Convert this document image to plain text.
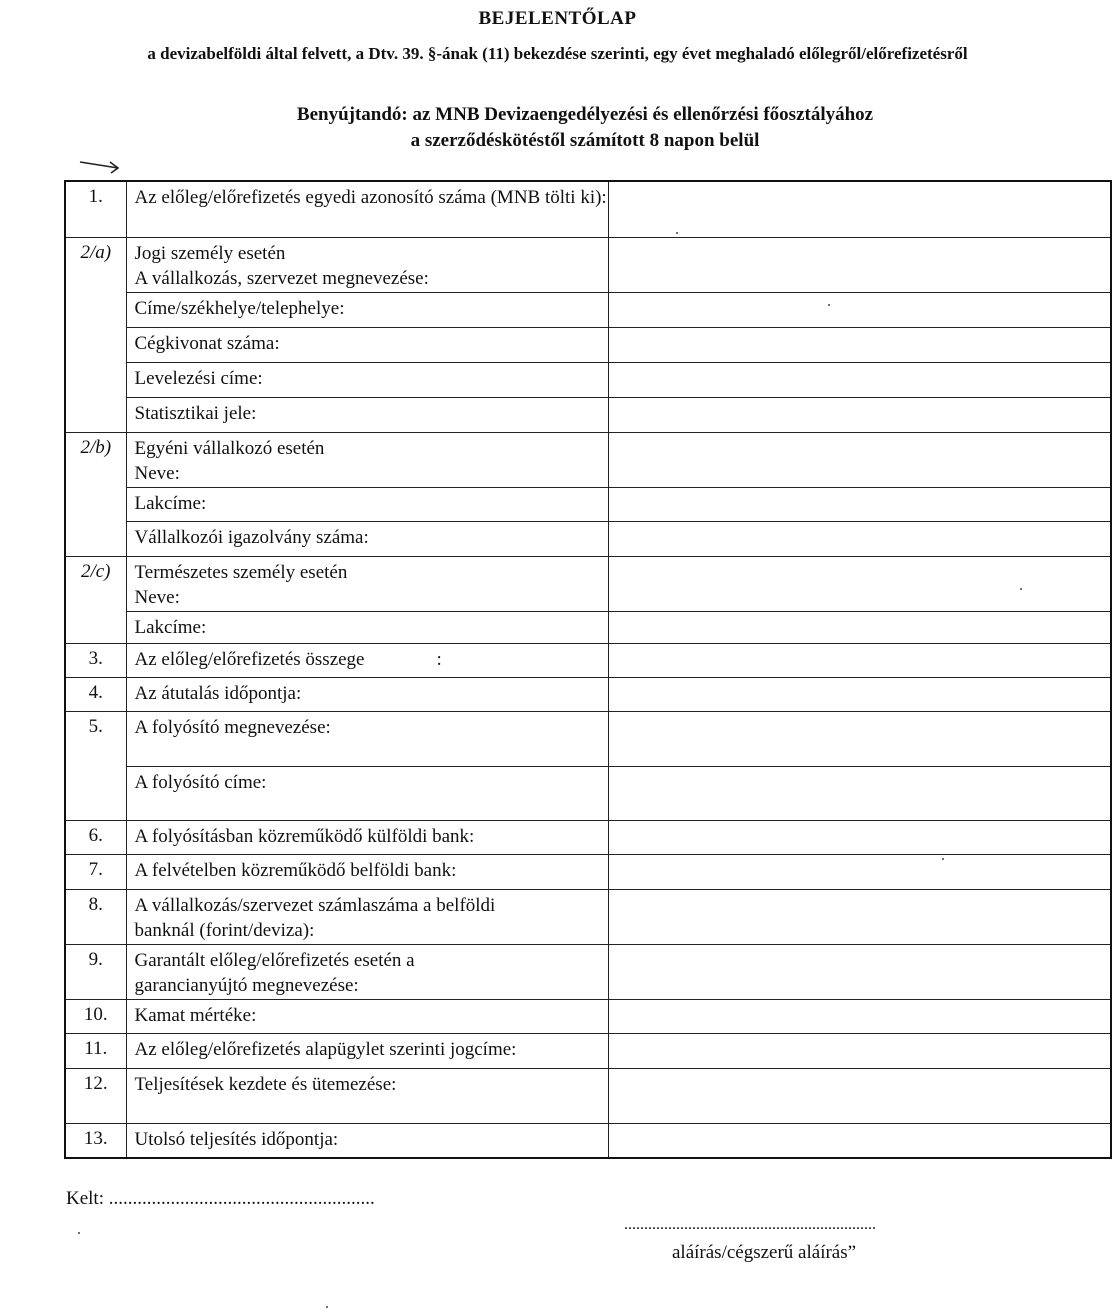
BEJELENTŐLAP
a devizabelföldi által felvett, a Dtv. 39. §-ának (11) bekezdése szerinti, egy évet meghaladó előlegről/előrefizetésről
Benyújtandó: az MNB Devizaengedélyezési és ellenőrzési főosztályához
a szerződéskötéstől számított 8 napon belül
1.	Az előleg/előrefizetés egyedi azonosító száma (MNB tölti ki):	
2/a)	Jogi személy esetén
A vállalkozás, szervezet megnevezése:	

	Címe/székhelye/telephelye:	
	Cégkivonat száma:	
	Levelezési címe:	
	Statisztikai jele:	
2/b)	Egyéni vállalkozó esetén
Neve:	

	Lakcíme:	
	Vállalkozói igazolvány száma:	
2/c)	Természetes személy esetén
Neve:	

	Lakcíme:	
3.	Az előleg/előrefizetés összege :	
4.	Az átutalás időpontja:	
5.	A folyósító megnevezése:	
	A folyósító címe:	
6.	A folyósításban közreműködő külföldi bank:	
7.	A felvételben közreműködő belföldi bank:	
8.	A vállalkozás/szervezet számlaszáma a belföldi
banknál (forint/deviza):	

9.	Garantált előleg/előrefizetés esetén a
garancianyújtó megnevezése:	

10.	Kamat mértéke:	
11.	Az előleg/előrefizetés alapügylet szerinti jogcíme:	
12.	Teljesítések kezdete és ütemezése:	
13.	Utolsó teljesítés időpontja:	
Kelt: ........................................................
...............................................................
aláírás/cégszerű aláírás”
